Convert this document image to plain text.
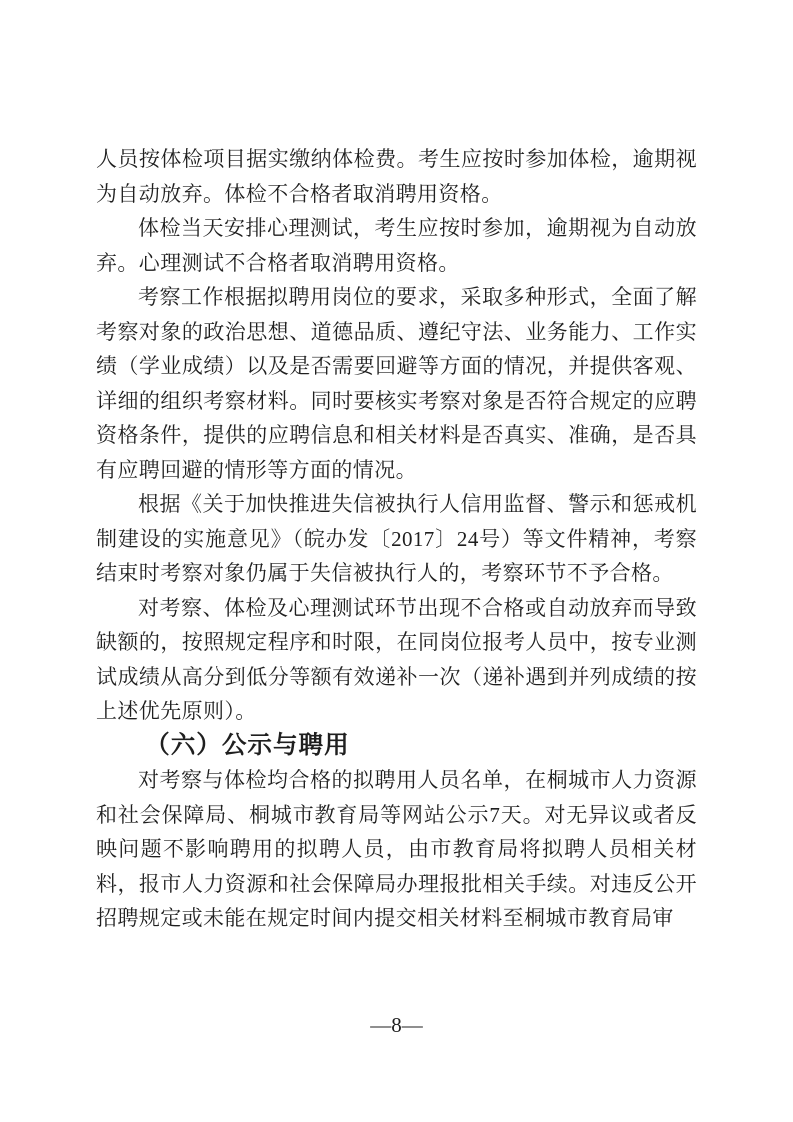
人员按体检项目据实缴纳体检费。考生应按时参加体检，逾期视为自动放弃。体检不合格者取消聘用资格。

体检当天安排心理测试，考生应按时参加，逾期视为自动放弃。心理测试不合格者取消聘用资格。

考察工作根据拟聘用岗位的要求，采取多种形式，全面了解考察对象的政治思想、道德品质、遵纪守法、业务能力、工作实绩（学业成绩）以及是否需要回避等方面的情况，并提供客观、详细的组织考察材料。同时要核实考察对象是否符合规定的应聘资格条件，提供的应聘信息和相关材料是否真实、准确，是否具有应聘回避的情形等方面的情况。

根据《关于加快推进失信被执行人信用监督、警示和惩戒机制建设的实施意见》（皖办发〔2017〕24号）等文件精神，考察结束时考察对象仍属于失信被执行人的，考察环节不予合格。

对考察、体检及心理测试环节出现不合格或自动放弃而导致缺额的，按照规定程序和时限，在同岗位报考人员中，按专业测试成绩从高分到低分等额有效递补一次（递补遇到并列成绩的按上述优先原则）。

（六）公示与聘用

对考察与体检均合格的拟聘用人员名单，在桐城市人力资源和社会保障局、桐城市教育局等网站公示7天。对无异议或者反映问题不影响聘用的拟聘人员，由市教育局将拟聘人员相关材料，报市人力资源和社会保障局办理报批相关手续。对违反公开招聘规定或未能在规定时间内提交相关材料至桐城市教育局审

—8—
